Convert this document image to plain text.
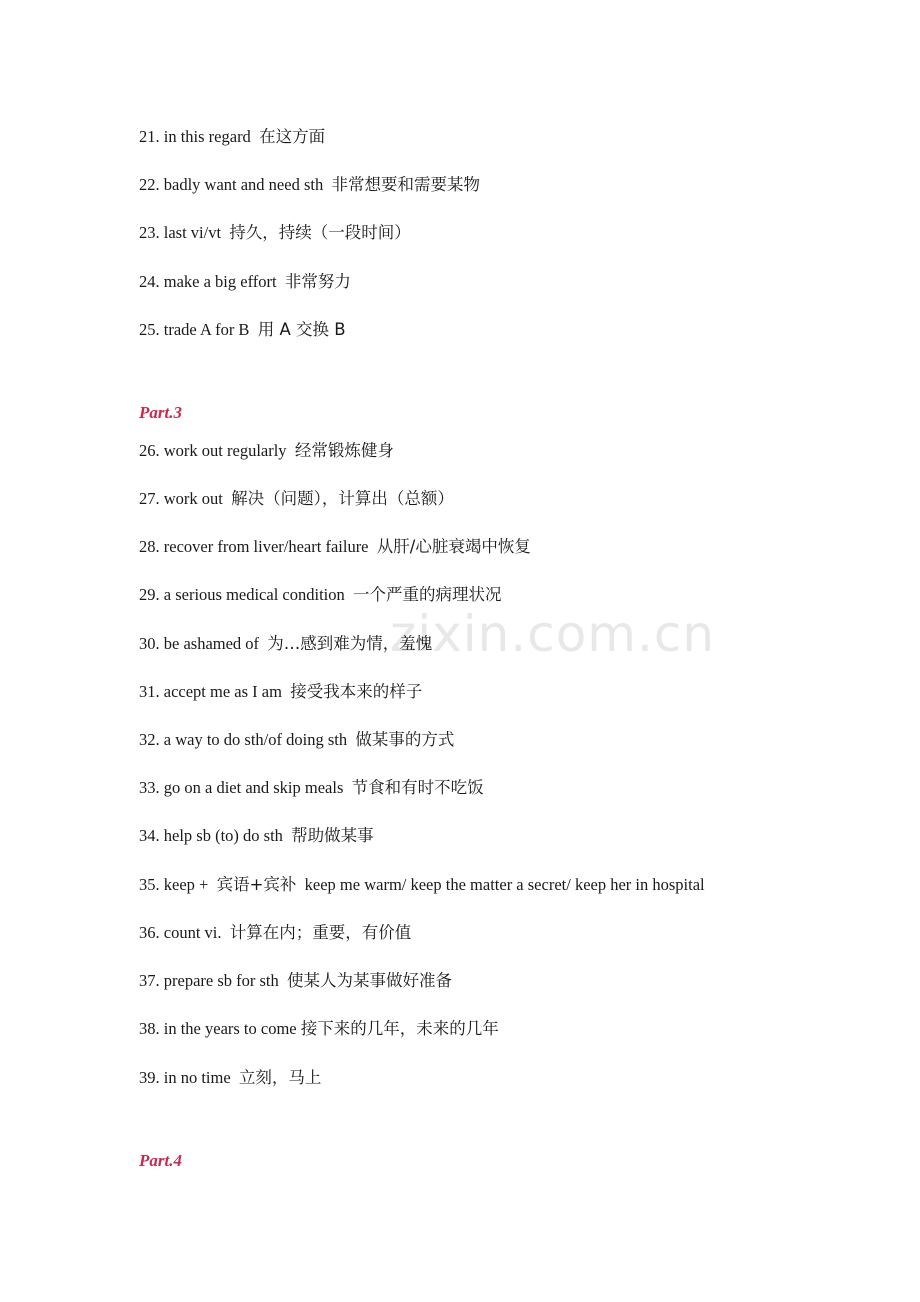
zixin.com.cn
21. in this regard 在这方面
22. badly want and need sth 非常想要和需要某物
23. last vi/vt 持久，持续（一段时间）
24. make a big effort 非常努力
25. trade A for B 用 A 交换 B
Part.3
26. work out regularly 经常锻炼健身
27. work out 解决（问题），计算出（总额）
28. recover from liver/heart failure 从肝/心脏衰竭中恢复
29. a serious medical condition 一个严重的病理状况
30. be ashamed of 为…感到难为情，羞愧
31. accept me as I am 接受我本来的样子
32. a way to do sth/of doing sth 做某事的方式
33. go on a diet and skip meals 节食和有时不吃饭
34. help sb (to) do sth 帮助做某事
35. keep + 宾语+宾补 keep me warm/ keep the matter a secret/ keep her in hospital
36. count vi. 计算在内；重要，有价值
37. prepare sb for sth 使某人为某事做好准备
38. in the years to come 接下来的几年，未来的几年
39. in no time 立刻，马上
Part.4
